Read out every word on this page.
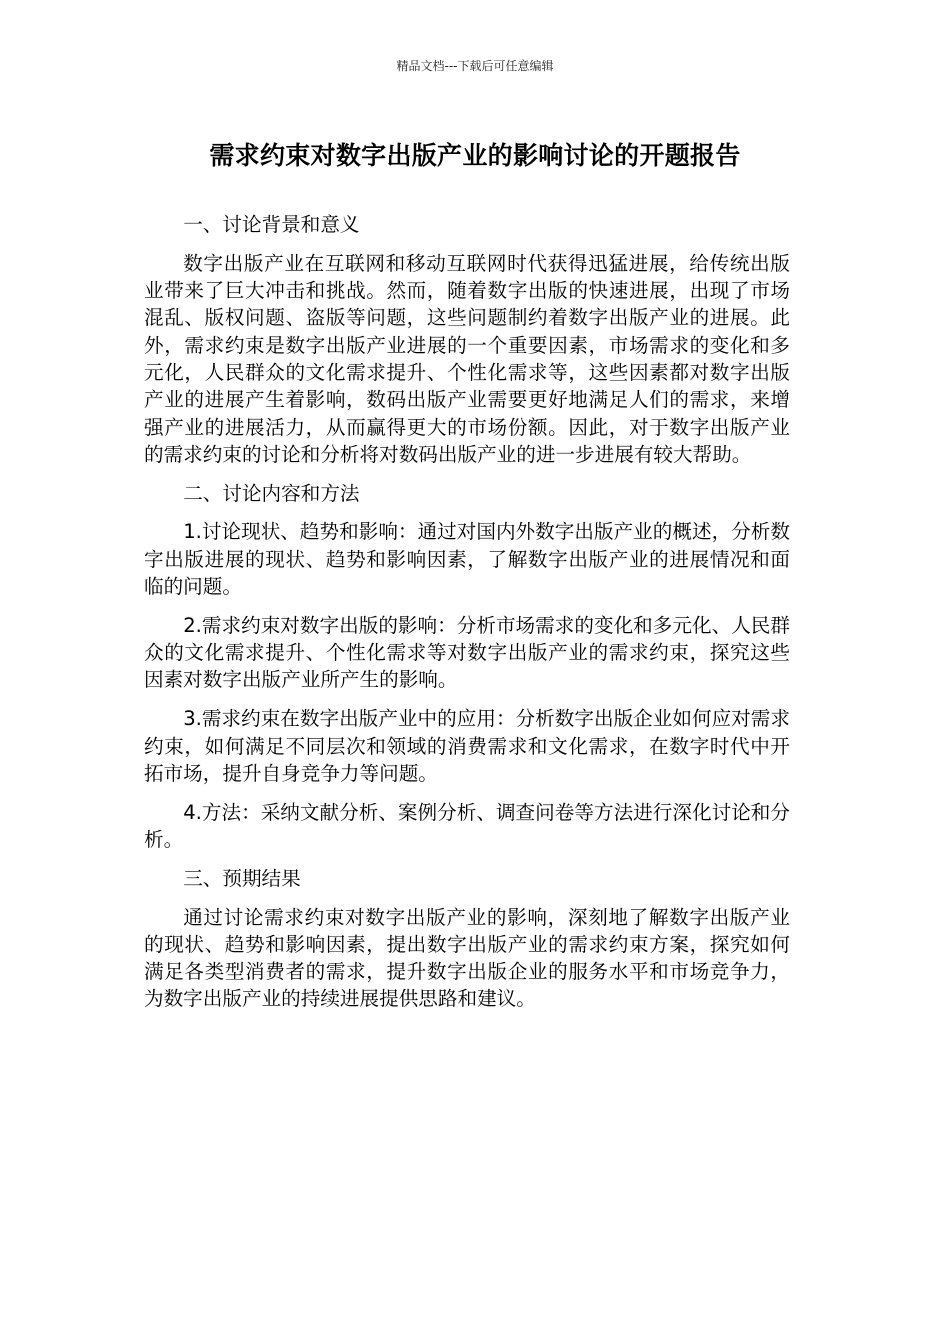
精品文档---下载后可任意编辑
需求约束对数字出版产业的影响讨论的开题报告

一、讨论背景和意义

数字出版产业在互联网和移动互联网时代获得迅猛进展，给传统出版业带来了巨大冲击和挑战。然而，随着数字出版的快速进展，出现了市场混乱、版权问题、盗版等问题，这些问题制约着数字出版产业的进展。此外，需求约束是数字出版产业进展的一个重要因素，市场需求的变化和多元化，人民群众的文化需求提升、个性化需求等，这些因素都对数字出版产业的进展产生着影响，数码出版产业需要更好地满足人们的需求，来增强产业的进展活力，从而赢得更大的市场份额。因此，对于数字出版产业的需求约束的讨论和分析将对数码出版产业的进一步进展有较大帮助。

二、讨论内容和方法

1.讨论现状、趋势和影响：通过对国内外数字出版产业的概述，分析数字出版进展的现状、趋势和影响因素，了解数字出版产业的进展情况和面临的问题。

2.需求约束对数字出版的影响：分析市场需求的变化和多元化、人民群众的文化需求提升、个性化需求等对数字出版产业的需求约束，探究这些因素对数字出版产业所产生的影响。

3.需求约束在数字出版产业中的应用：分析数字出版企业如何应对需求约束，如何满足不同层次和领域的消费需求和文化需求，在数字时代中开拓市场，提升自身竞争力等问题。

4.方法：采纳文献分析、案例分析、调查问卷等方法进行深化讨论和分析。

三、预期结果

通过讨论需求约束对数字出版产业的影响，深刻地了解数字出版产业的现状、趋势和影响因素，提出数字出版产业的需求约束方案，探究如何满足各类型消费者的需求，提升数字出版企业的服务水平和市场竞争力，为数字出版产业的持续进展提供思路和建议。
